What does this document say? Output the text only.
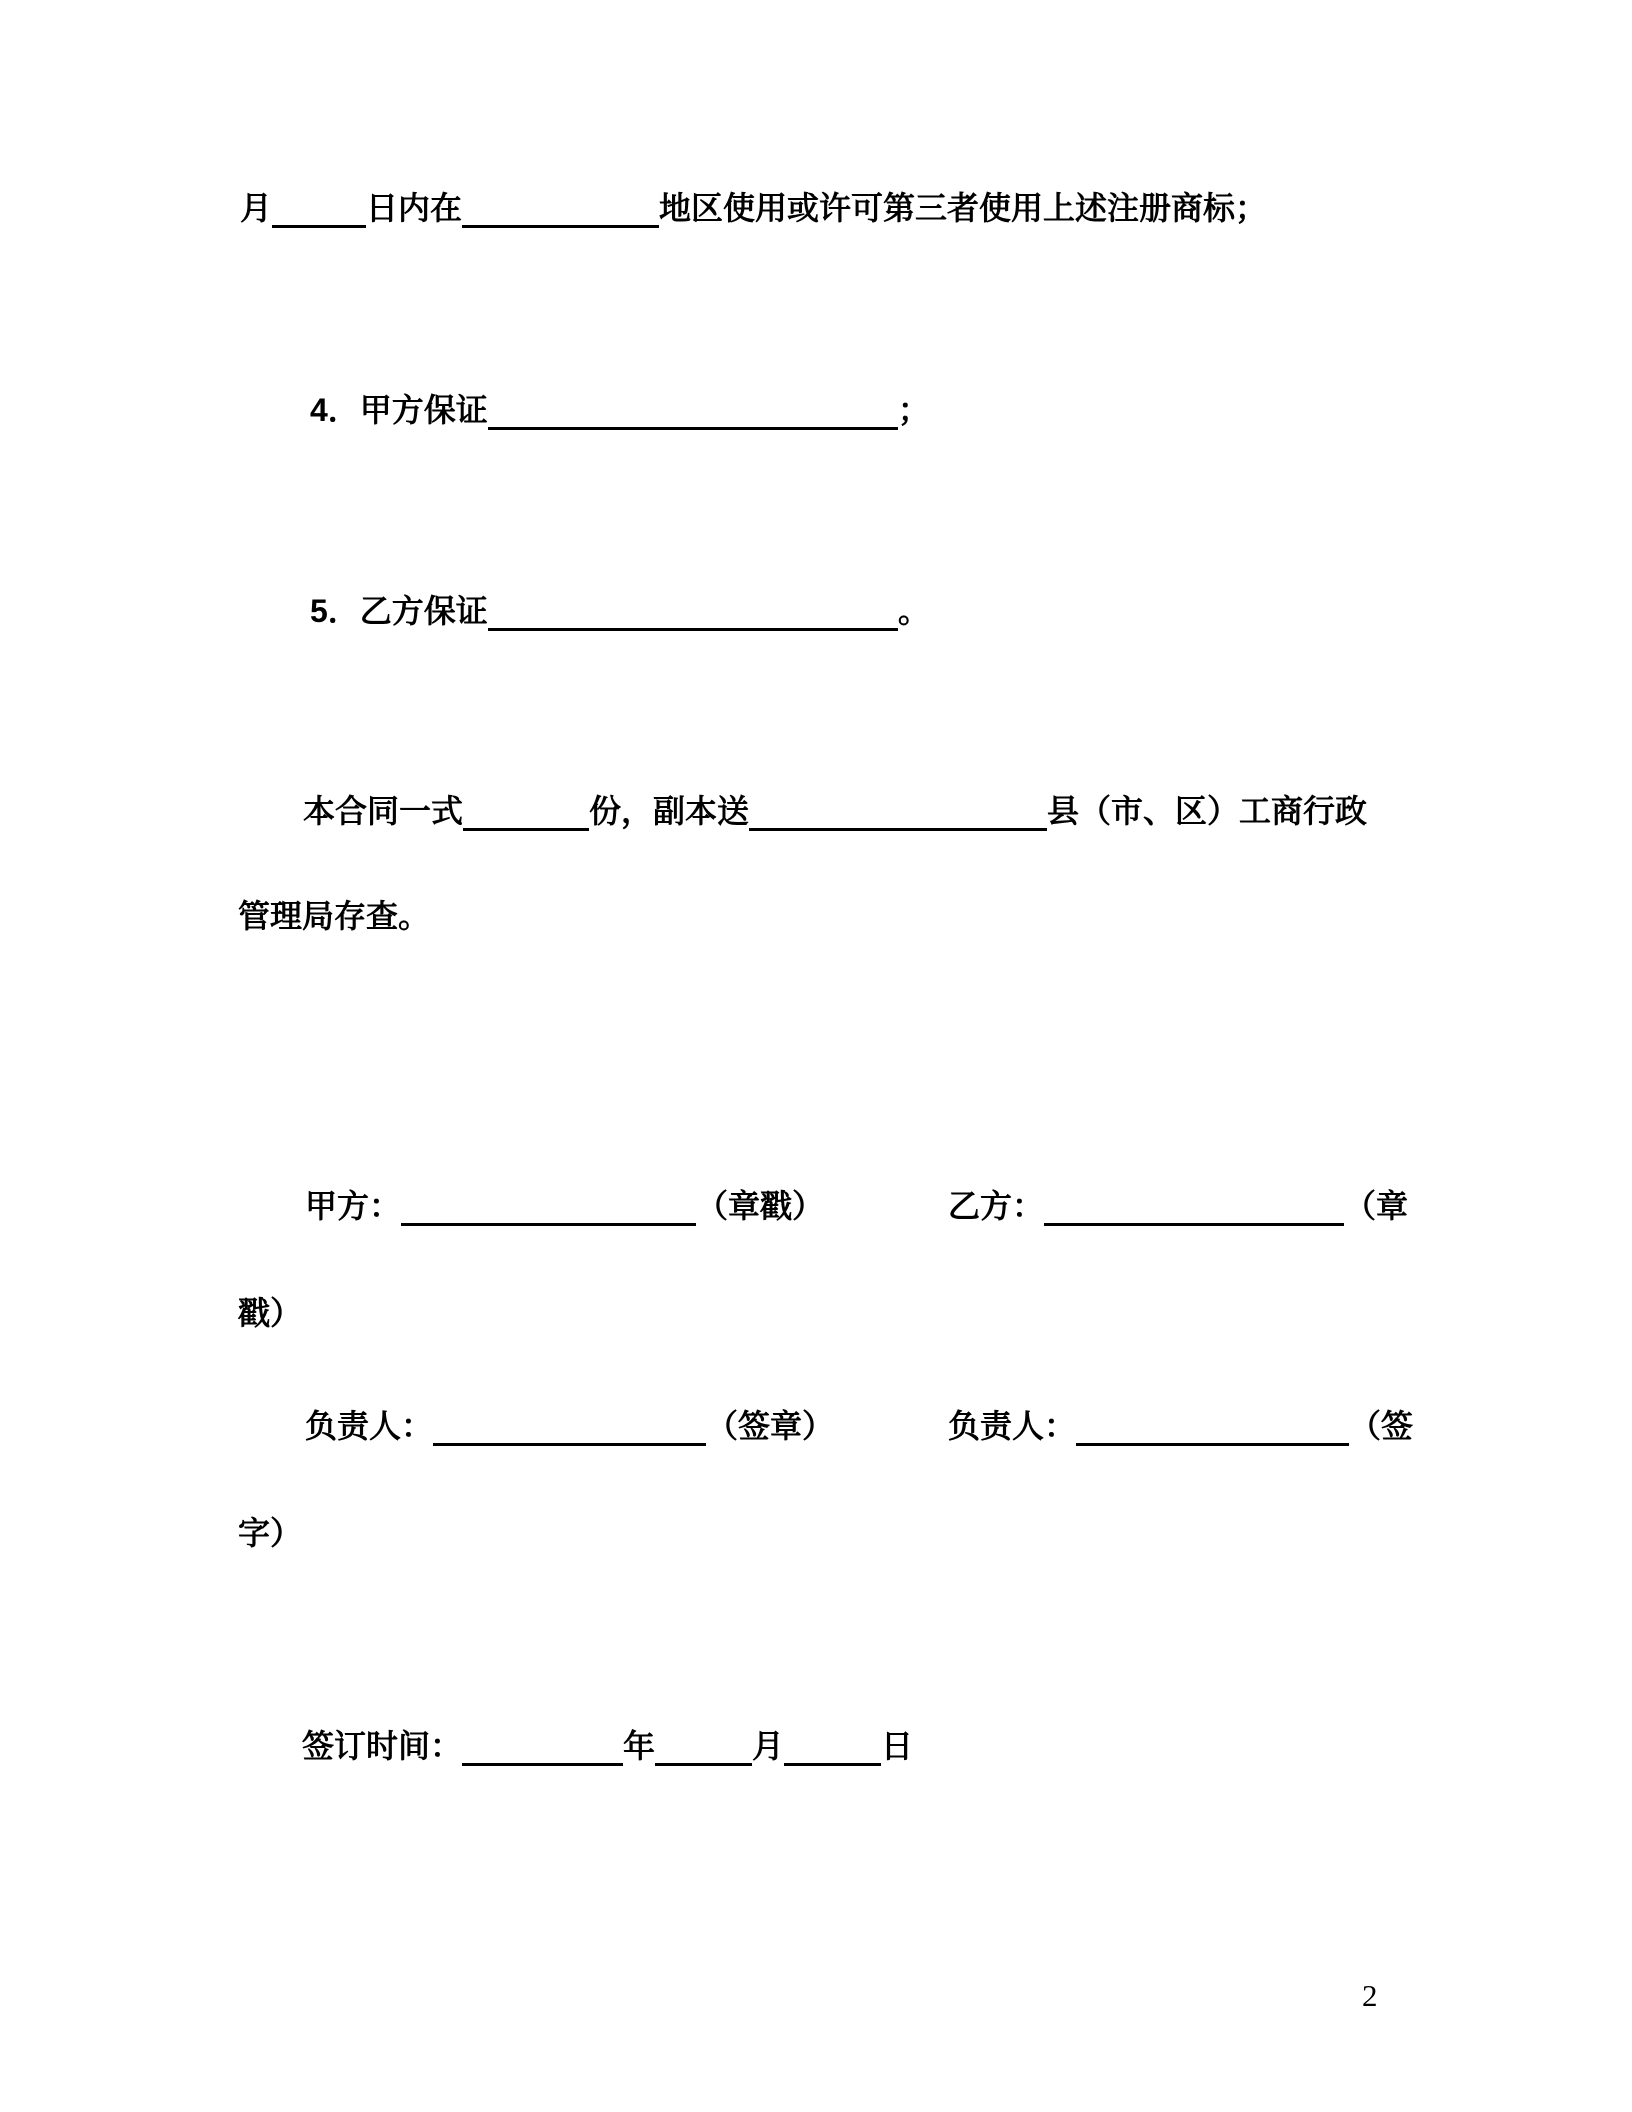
月	日内在	地区使用或许可第三者使用上述注册商标；
4．甲方保证	；
5．乙方保证	。
本合同一式	份，副本送	县（市、区）工商行政
管理局存查。
甲方：	（章戳）	乙方：	（章
戳）
负责人：	（签章）	负责人：	（签
字）
签订时间：	年	月	日
2
